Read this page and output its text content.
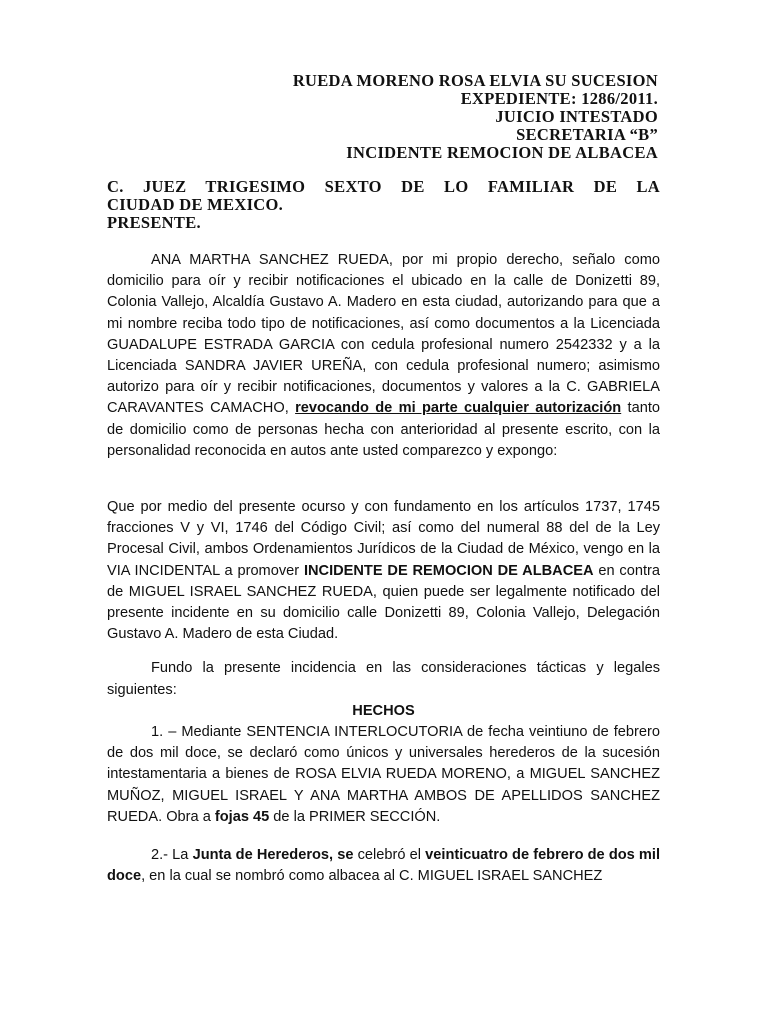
RUEDA MORENO ROSA ELVIA SU SUCESION
EXPEDIENTE: 1286/2011.
JUICIO INTESTADO
SECRETARIA “B”
INCIDENTE REMOCION DE ALBACEA
C. JUEZ TRIGESIMO SEXTO DE LO FAMILIAR DE LA
CIUDAD DE MEXICO.
PRESENTE.

ANA MARTHA SANCHEZ RUEDA, por mi propio derecho, señalo como domicilio para oír y recibir notificaciones el ubicado en la calle de Donizetti 89, Colonia Vallejo, Alcaldía Gustavo A. Madero en esta ciudad, autorizando para que a mi nombre reciba todo tipo de notificaciones, así como documentos a la Licenciada GUADALUPE ESTRADA GARCIA con cedula profesional numero 2542332 y a la Licenciada SANDRA JAVIER UREÑA, con cedula profesional numero; asimismo autorizo para oír y recibir notificaciones, documentos y valores a la C. GABRIELA CARAVANTES CAMACHO, revocando de mi parte cualquier autorización tanto de domicilio como de personas hecha con anterioridad al presente escrito, con la personalidad reconocida en autos ante usted comparezco y expongo:

Que por medio del presente ocurso y con fundamento en los artículos 1737, 1745 fracciones V y VI, 1746 del Código Civil; así como del numeral 88 del de la Ley Procesal Civil, ambos Ordenamientos Jurídicos de la Ciudad de México, vengo en la VIA INCIDENTAL a promover INCIDENTE DE REMOCION DE ALBACEA en contra de MIGUEL ISRAEL SANCHEZ RUEDA, quien puede ser legalmente notificado del presente incidente en su domicilio calle Donizetti 89, Colonia Vallejo, Delegación Gustavo A. Madero de esta Ciudad.

Fundo la presente incidencia en las consideraciones tácticas y legales siguientes:

HECHOS

1. – Mediante SENTENCIA INTERLOCUTORIA de fecha veintiuno de febrero de dos mil doce, se declaró como únicos y universales herederos de la sucesión intestamentaria a bienes de ROSA ELVIA RUEDA MORENO, a MIGUEL SANCHEZ MUÑOZ, MIGUEL ISRAEL Y ANA MARTHA AMBOS DE APELLIDOS SANCHEZ RUEDA. Obra a fojas 45 de la PRIMER SECCIÓN.

2.- La Junta de Herederos, se celebró el veinticuatro de febrero de dos mil doce, en la cual se nombró como albacea al C. MIGUEL ISRAEL SANCHEZ
